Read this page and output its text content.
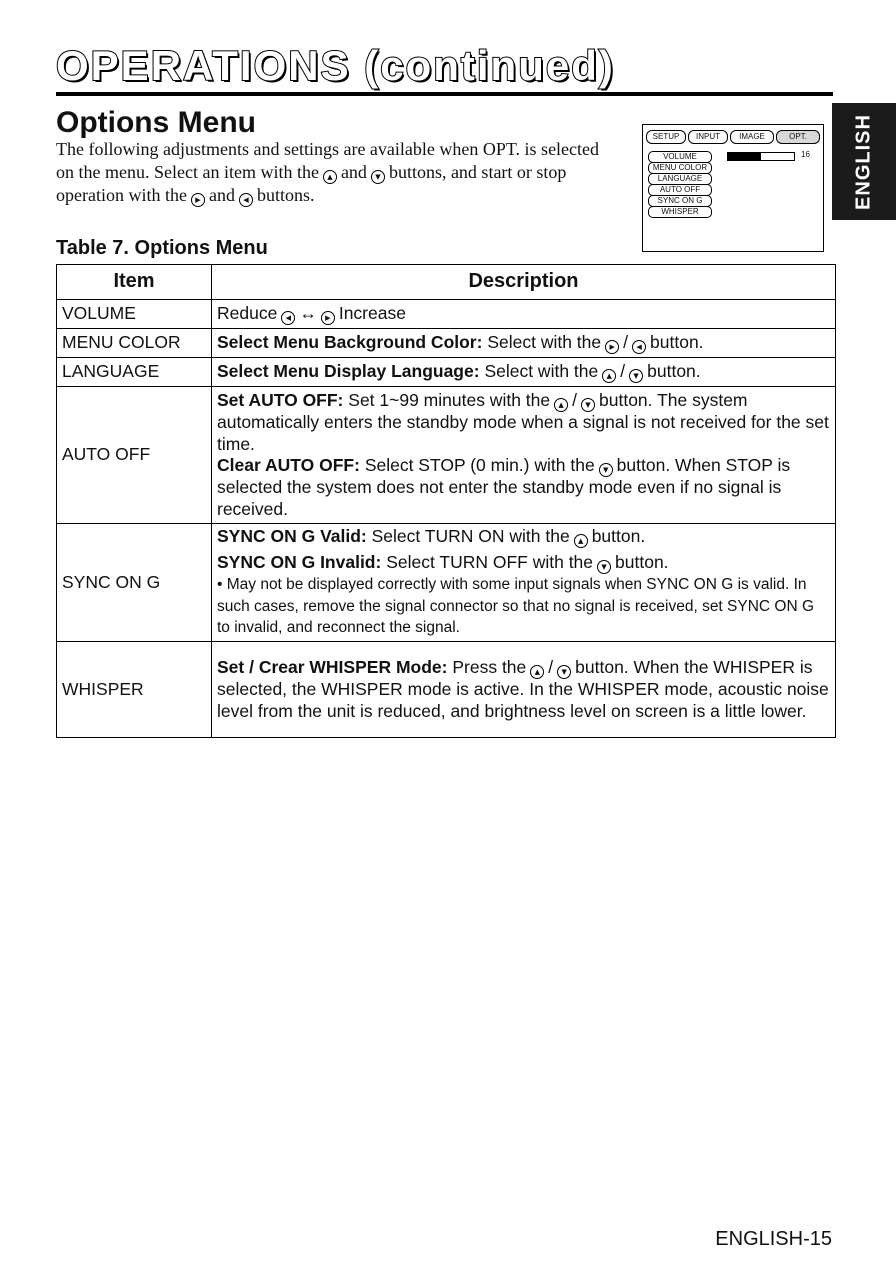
OPERATIONS (continued)
ENGLISH
Options Menu
The following adjustments and settings are available when OPT. is selected on the menu. Select an item with the ▲ and ▼ buttons, and start or stop operation with the ▶ and ◀ buttons.
SETUP	INPUT	IMAGE	OPT.
VOLUME
MENU COLOR
LANGUAGE
AUTO OFF
SYNC ON G
WHISPER
16
Table 7. Options Menu
Item	Description
VOLUME	Reduce ◀ ↔ ▶ Increase
MENU COLOR	Select Menu Background Color: Select with the ▶ / ◀ button.
LANGUAGE	Select Menu Display Language: Select with the ▲ / ▼ button.
AUTO OFF	Set AUTO OFF: Set 1~99 minutes with the ▲ / ▼ button. The system automatically enters the standby mode when a signal is not received for the set time.
Clear AUTO OFF: Select STOP (0 min.) with the ▼ button. When STOP is selected the system does not enter the standby mode even if no signal is received.
SYNC ON G	SYNC ON G Valid: Select TURN ON with the ▲ button.
SYNC ON G Invalid: Select TURN OFF with the ▼ button.
• May not be displayed correctly with some input signals when SYNC ON G is valid. In such cases, remove the signal connector so that no signal is received, set SYNC ON G to invalid, and reconnect the signal.

WHISPER	Set / Crear WHISPER Mode: Press the ▲ / ▼ button. When the WHISPER is selected, the WHISPER mode is active. In the WHISPER mode, acoustic noise level from the unit is reduced, and brightness level on screen is a little lower.
ENGLISH-15
